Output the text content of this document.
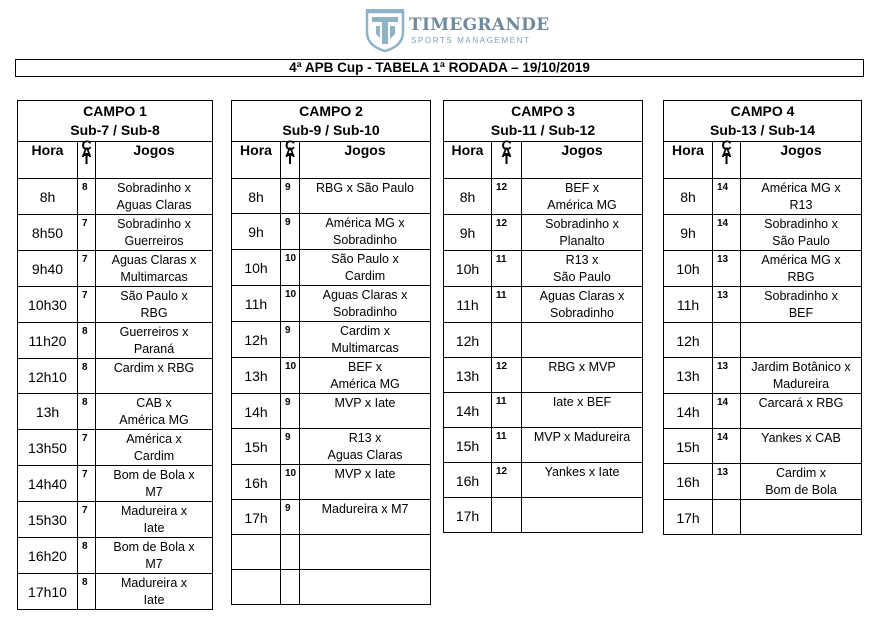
TIMEGRANDE
SPORTS MANAGEMENT
4ª APB Cup - TABELA 1ª RODADA – 19/10/2019
CAMPO 1
Sub-7 / Sub-8		

Hora	C
A
T	Jogos
8h	8	Sobradinho x
Aguas Claras
8h50	7	Sobradinho x
Guerreiros
9h40	7	Aguas Claras x
Multimarcas
10h30	7	São Paulo x
RBG
11h20	8	Guerreiros x
Paraná
12h10	8	Cardim x RBG
13h	8	CAB x
América MG
13h50	7	América x
Cardim
14h40	7	Bom de Bola x
M7
15h30	7	Madureira x
Iate
16h20	8	Bom de Bola x
M7
17h10	8	Madureira x
Iate
CAMPO 2
Sub-9 / Sub-10		

Hora	C
A
T	Jogos
8h	9	RBG x São Paulo
9h	9	América MG x
Sobradinho
10h	10	São Paulo x
Cardim
11h	10	Aguas Claras x
Sobradinho
12h	9	Cardim x
Multimarcas
13h	10	BEF x
América MG
14h	9	MVP x Iate
15h	9	R13 x
Aguas Claras
16h	10	MVP x Iate
17h	9	Madureira x M7

CAMPO 3
Sub-11 / Sub-12		

Hora	C
A
T	Jogos
8h	12	BEF x
América MG
9h	12	Sobradinho x
Planalto
10h	11	R13 x
São Paulo
11h	11	Aguas Claras x
Sobradinho
12h		
13h	12	RBG x MVP
14h	11	Iate x BEF
15h	11	MVP x Madureira
16h	12	Yankes x Iate
17h		
CAMPO 4
Sub-13 / Sub-14		

Hora	C
A
T	Jogos
8h	14	América MG x
R13
9h	14	Sobradinho x
São Paulo
10h	13	América MG x
RBG
11h	13	Sobradinho x
BEF
12h		
13h	13	Jardim Botânico x
Madureira
14h	14	Carcará x RBG
15h	14	Yankes x CAB
16h	13	Cardim x
Bom de Bola
17h		
